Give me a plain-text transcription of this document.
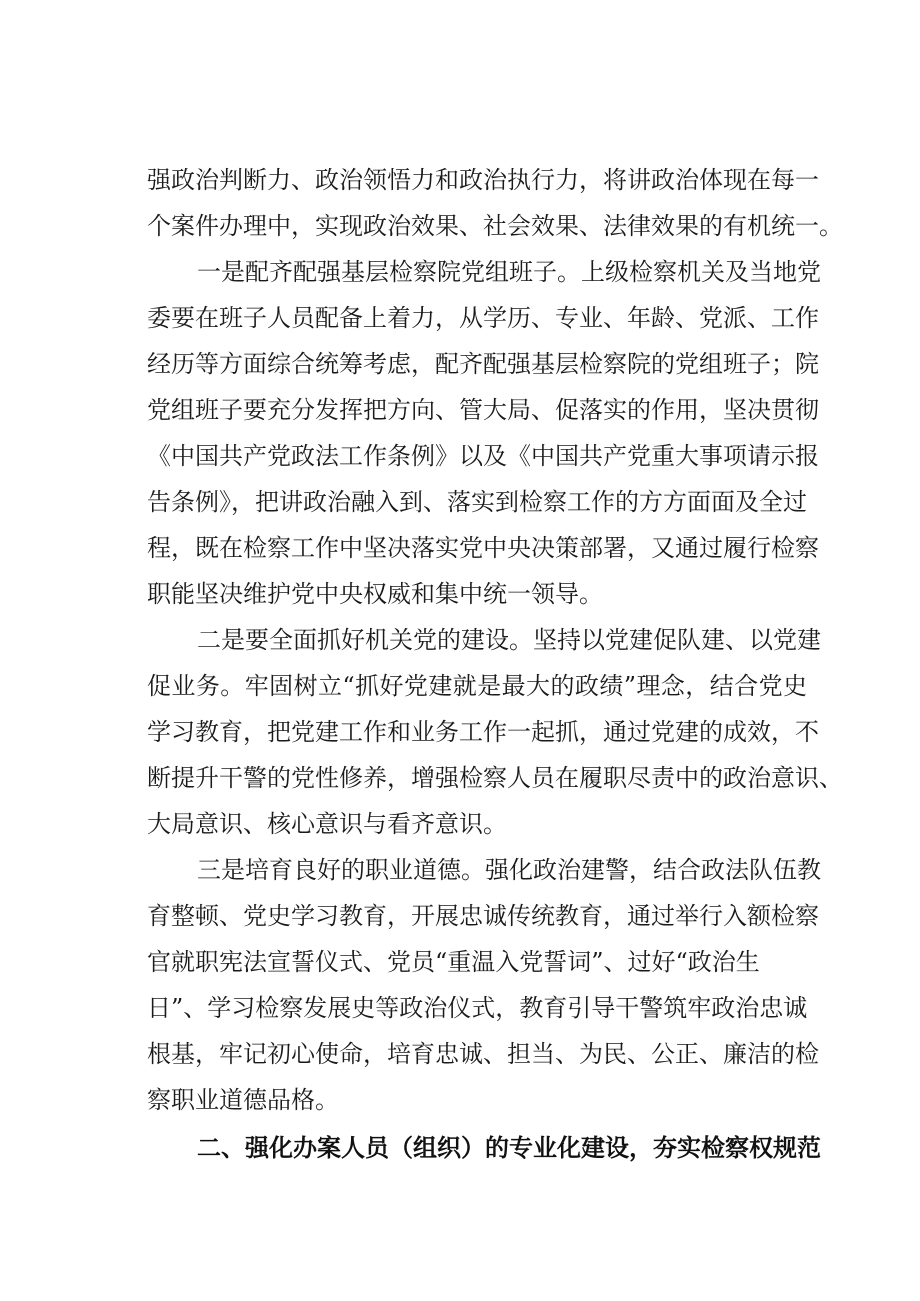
强政治判断力、政治领悟力和政治执行力，将讲政治体现在每一
个案件办理中，实现政治效果、社会效果、法律效果的有机统一。
一是配齐配强基层检察院党组班子。上级检察机关及当地党
委要在班子人员配备上着力，从学历、专业、年龄、党派、工作
经历等方面综合统筹考虑，配齐配强基层检察院的党组班子；院
党组班子要充分发挥把方向、管大局、促落实的作用，坚决贯彻
《中国共产党政法工作条例》以及《中国共产党重大事项请示报
告条例》，把讲政治融入到、落实到检察工作的方方面面及全过
程，既在检察工作中坚决落实党中央决策部署，又通过履行检察
职能坚决维护党中央权威和集中统一领导。
二是要全面抓好机关党的建设。坚持以党建促队建、以党建
促业务。牢固树立“抓好党建就是最大的政绩”理念，结合党史
学习教育，把党建工作和业务工作一起抓，通过党建的成效，不
断提升干警的党性修养，增强检察人员在履职尽责中的政治意识、
大局意识、核心意识与看齐意识。
三是培育良好的职业道德。强化政治建警，结合政法队伍教
育整顿、党史学习教育，开展忠诚传统教育，通过举行入额检察
官就职宪法宣誓仪式、党员“重温入党誓词”、过好“政治生
日”、学习检察发展史等政治仪式，教育引导干警筑牢政治忠诚
根基，牢记初心使命，培育忠诚、担当、为民、公正、廉洁的检
察职业道德品格。
二、强化办案人员（组织）的专业化建设，夯实检察权规范
